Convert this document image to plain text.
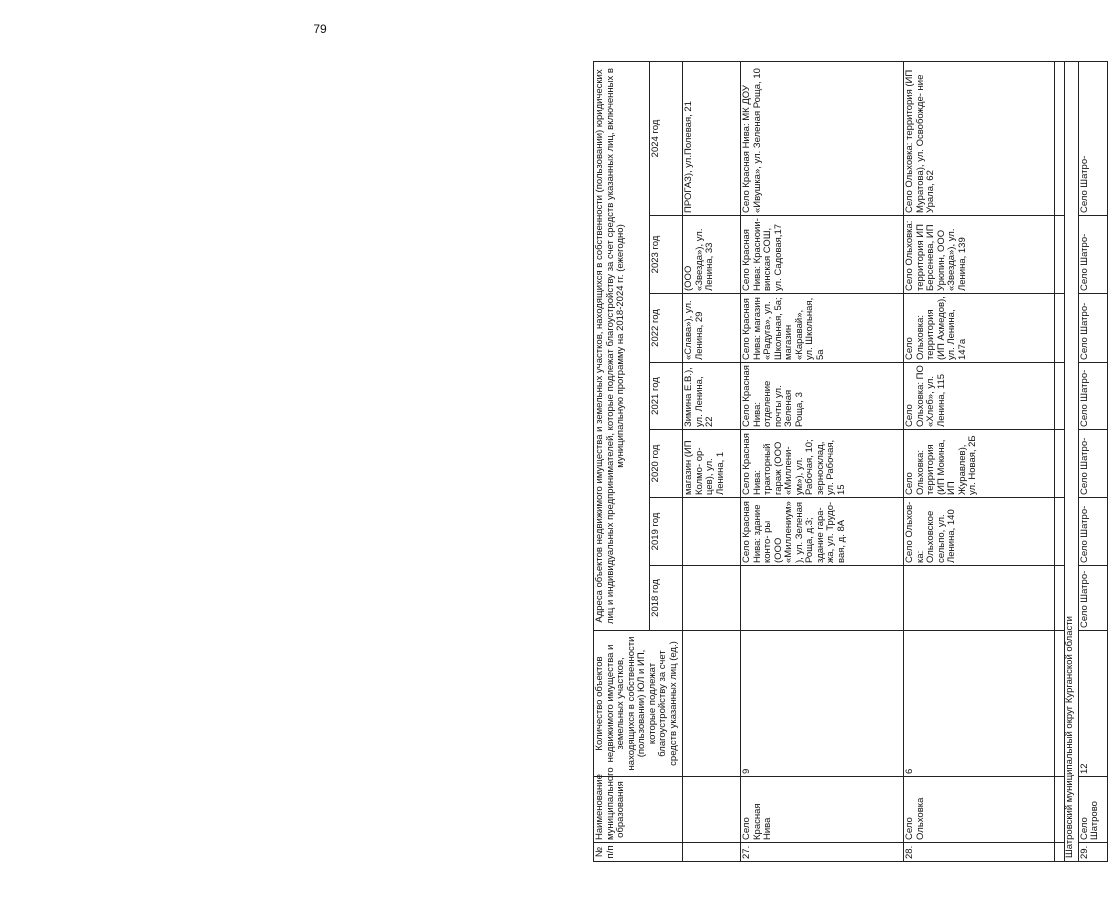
79
№ п/п	Наименование муниципального образования	Количество объектов недвижимого имущества и земельных участков, находящихся в собственности (пользовании) ЮЛ и ИП, которые подлежат благоустройству за счет средств указанных лиц (ед.)	Адреса объектов недвижимого имущества и земельных участков, находящихся в собственности (пользовании) юридических лиц и индивидуальных предпринимателей, которые подлежат благоустройству за счет средств указанных лиц, включенных в муниципальную программу на 2018-2024 гг. (ежегодно)						
			2018 год	2019 год	2020 год	2021 год	2022 год	2023 год	2024 год
					магазин (ИП Колмо- ор-цев), ул. Ленина, 1	Зимина Е.В.), ул. Ленина, 22	«Слава»), ул. Ленина, 29	(ООО «Звезда»), ул. Ленина, 33	ПРОГАЗ), ул.Полевая, 21
27.	Село Красная Нива	9		Село Красная Нива: здание конто- ры (ООО «Миллениум» ), ул. Зеленая Роща, д.3; здание гара- жа, ул. Трудо- вая, д. 8А	Село Красная Нива: тракторный гараж (ООО «Миллени- ум»), ул. Рабочая, 10; зерносклад, ул. Рабочая, 15	Село Красная Нива: отделение почты ул. Зеленая Роща, 3	Село Красная Нива: магазин «Радуга», ул. Школьная, 5а; магазин «Каравай», ул. Школьная, 5а	Село Красная Нива: Красноии- винская СОШ, ул. Садовая,17	Село Красная Нива: МК ДОУ «Ивушка», ул. Зеленая Роща, 10
28.	Село Ольховка	6		Село Ольхов- ка: Ольховское сельпо, ул. Ленина, 140	Село Ольховка: территория (ИП Мокина, ИП Журавлев), ул. Новая, 2Б	Село Ольховка: ПО «Хлеб», ул. Ленина, 115	Село Ольховка: территория (ИП Ахмедов), ул. Ленина, 147а	Село Ольховка: территория ИП Берсенева, ИП Урюпин, ООО «Звезда»), ул. Ленина, 139	Село Ольховка: территория (ИП Муратова), ул. Освобожде- ние Урала, 62

Шатровский муниципальный округ Курганской области									
29.	Село Шатрово	12	Село Шатро-	Село Шатро-	Село Шатро-	Село Шатро-	Село Шатро-	Село Шатро-	Село Шатро-
